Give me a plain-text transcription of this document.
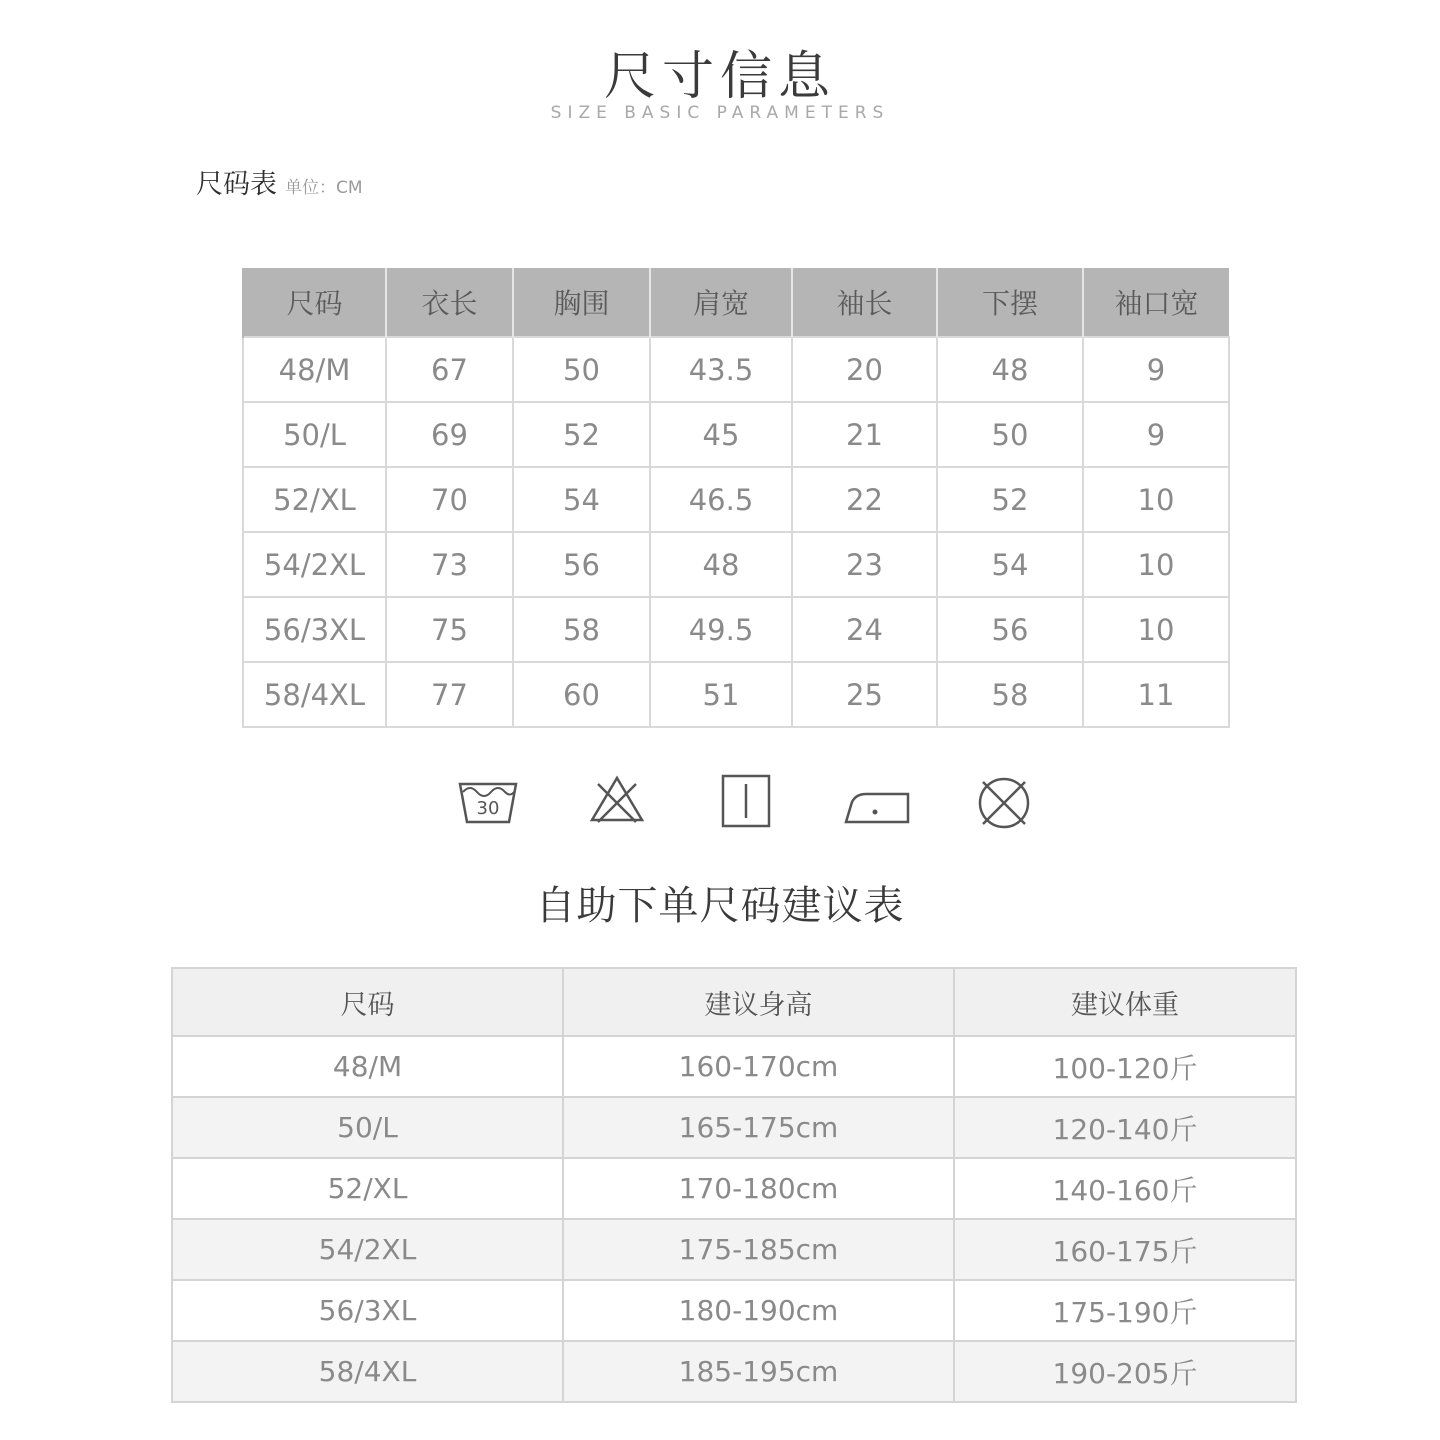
尺寸信息
SIZE BASIC PARAMETERS
尺码表 单位：CM
尺码	衣长	胸围	肩宽	袖长	下摆	袖口宽
48/M	67	50	43.5	20	48	9
50/L	69	52	45	21	50	9
52/XL	70	54	46.5	22	52	10
54/2XL	73	56	48	23	54	10
56/3XL	75	58	49.5	24	56	10
58/4XL	77	60	51	25	58	11
30
自助下单尺码建议表
尺码	建议身高	建议体重
48/M	160-170cm	100-120斤
50/L	165-175cm	120-140斤
52/XL	170-180cm	140-160斤
54/2XL	175-185cm	160-175斤
56/3XL	180-190cm	175-190斤
58/4XL	185-195cm	190-205斤
